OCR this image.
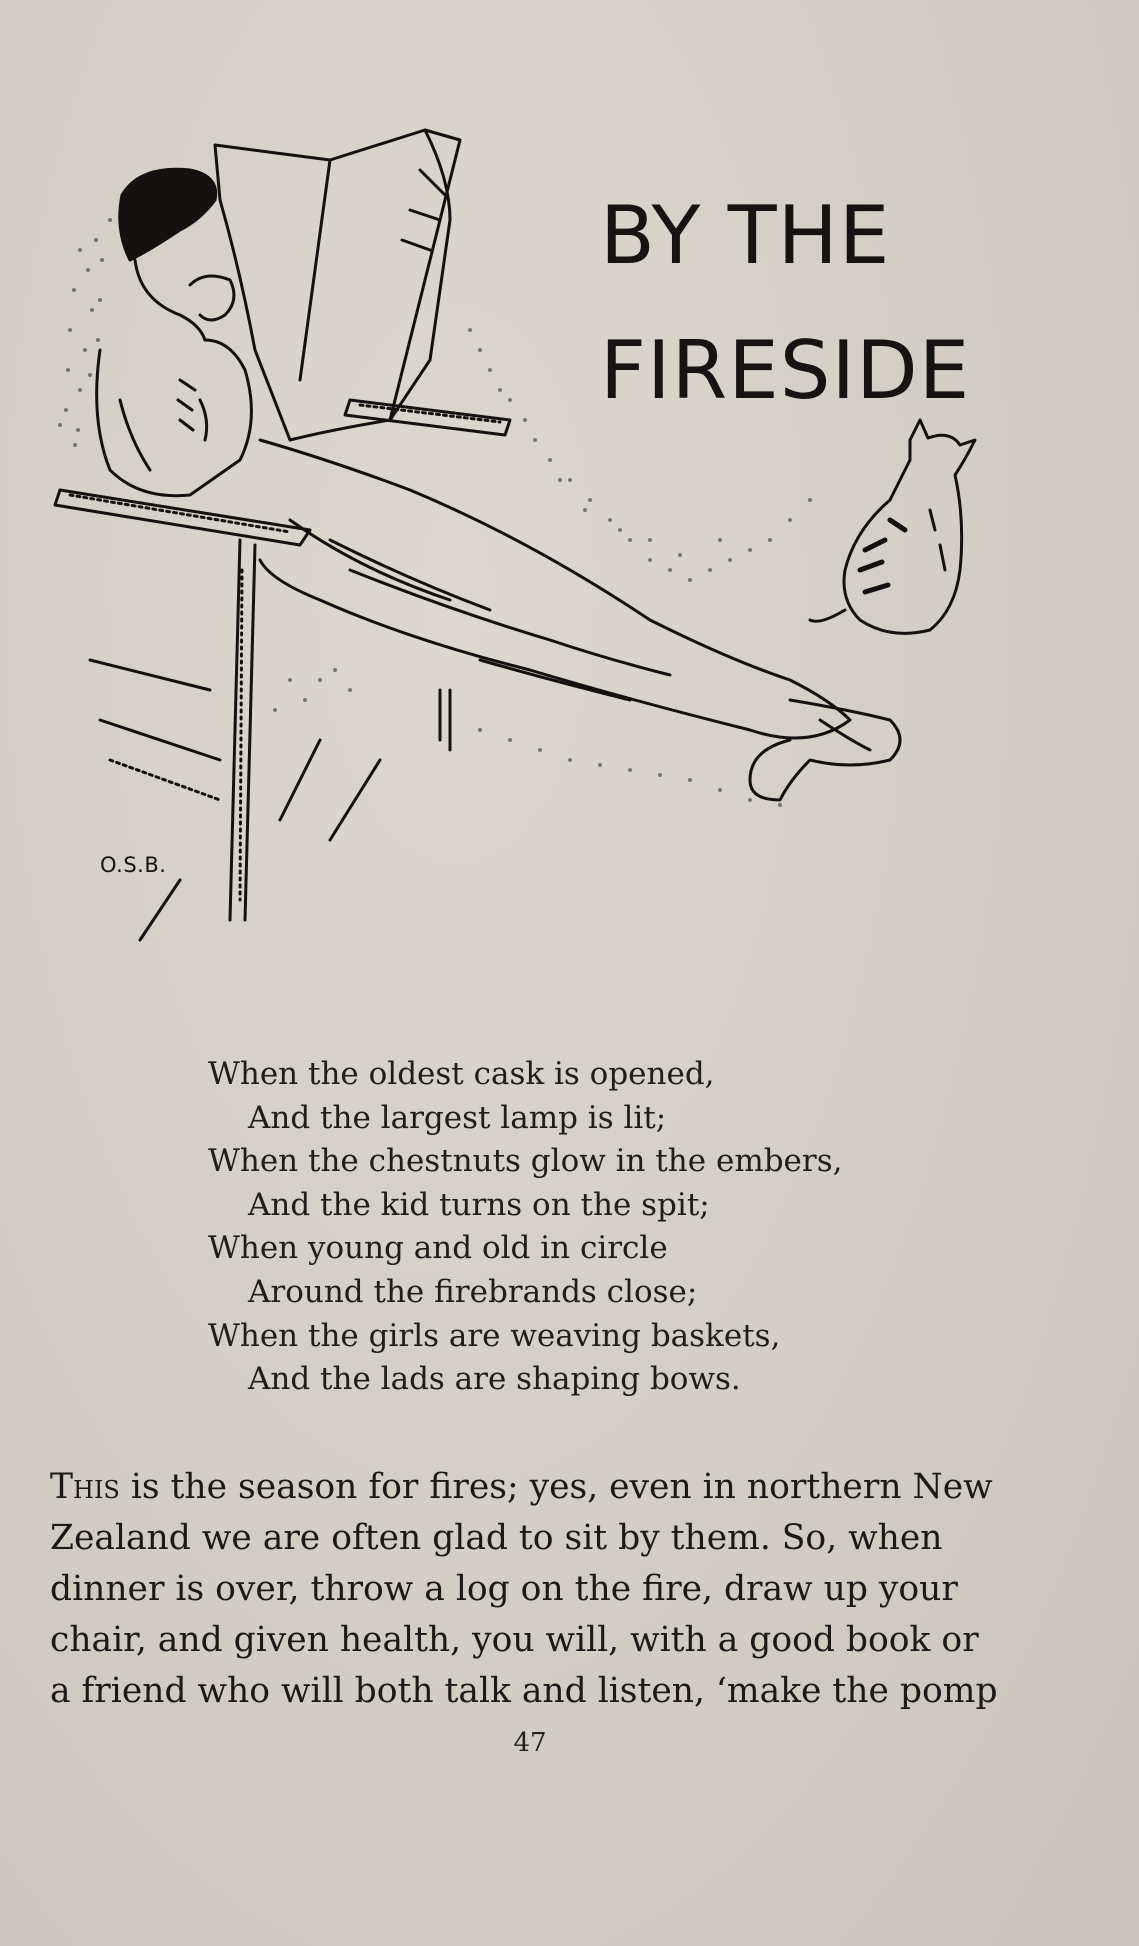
BY THE
FIRESIDE
O.S.B.
When the oldest cask is opened,
And the largest lamp is lit;
When the chestnuts glow in the embers,
And the kid turns on the spit;
When young and old in circle
Around the firebrands close;
When the girls are weaving baskets,
And the lads are shaping bows.
This is the season for fires; yes, even in northern New
Zealand we are often glad to sit by them. So, when
dinner is over, throw a log on the fire, draw up your
chair, and given health, you will, with a good book or
a friend who will both talk and listen, ‘make the pomp
47
